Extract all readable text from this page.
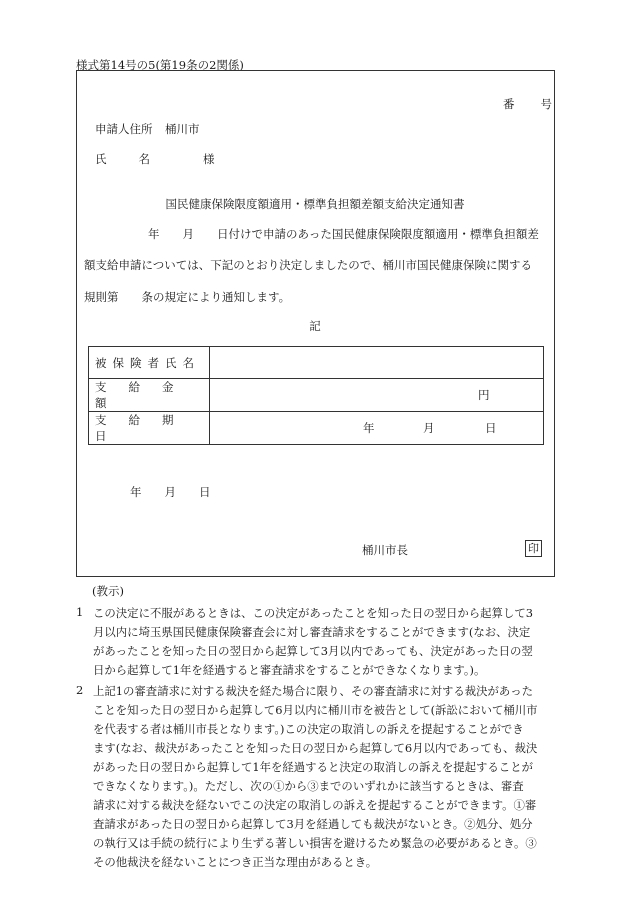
様式第14号の5(第19条の2関係)
番号
申請人住所 桶川市
氏名 様
国民健康保険限度額適用・標準負担額差額支給決定通知書
年　　月　　日付けで申請のあった国民健康保険限度額適用・標準負担額差
額支給申請については、下記のとおり決定しましたので、桶川市国民健康保険に関する
規則第　　条の規定により通知します。
記
被保険者氏名	

支給金額	円

支給期日	年 月 日
年　　月　　日
桶川市長	印
(教示)
1 この決定に不服があるときは、この決定があったことを知った日の翌日から起算して3
月以内に埼玉県国民健康保険審査会に対し審査請求をすることができます(なお、決定
があったことを知った日の翌日から起算して3月以内であっても、決定があった日の翌
日から起算して1年を経過すると審査請求をすることができなくなります。)。
2 上記1の審査請求に対する裁決を経た場合に限り、その審査請求に対する裁決があった
ことを知った日の翌日から起算して6月以内に桶川市を被告として(訴訟において桶川市
を代表する者は桶川市長となります。)この決定の取消しの訴えを提起することができ
ます(なお、裁決があったことを知った日の翌日から起算して6月以内であっても、裁決
があった日の翌日から起算して1年を経過すると決定の取消しの訴えを提起することが
できなくなります。)。ただし、次の①から③までのいずれかに該当するときは、審査
請求に対する裁決を経ないでこの決定の取消しの訴えを提起することができます。①審
査請求があった日の翌日から起算して3月を経過しても裁決がないとき。②処分、処分
の執行又は手続の続行により生ずる著しい損害を避けるため緊急の必要があるとき。③
その他裁決を経ないことにつき正当な理由があるとき。
